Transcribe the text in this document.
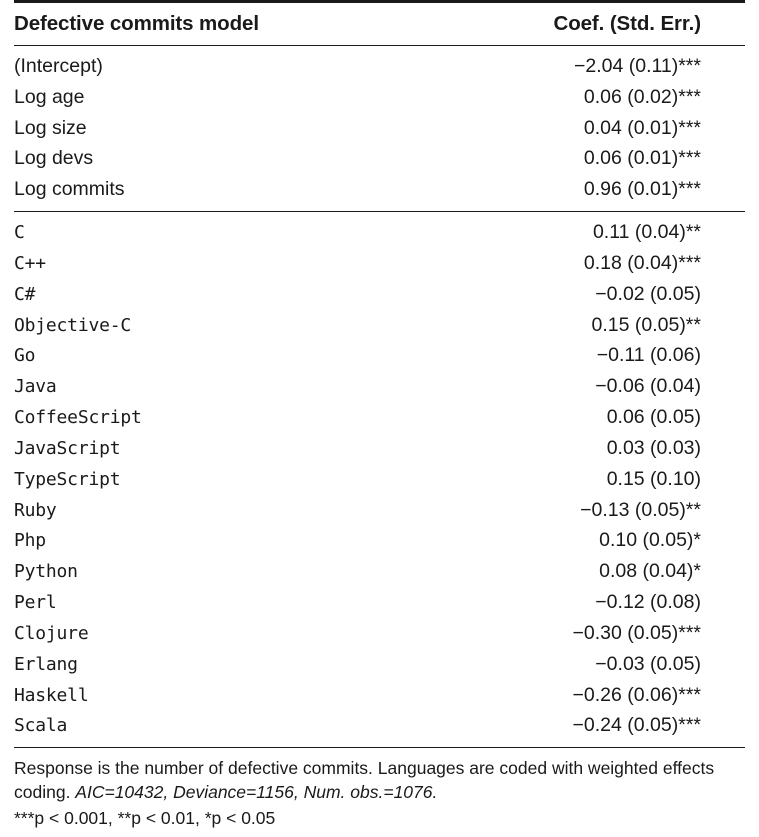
Defective commits model	Coef. (Std. Err.)
(Intercept)	−2.04 (0.11)***
Log age	0.06 (0.02)***
Log size	0.04 (0.01)***
Log devs	0.06 (0.01)***
Log commits	0.96 (0.01)***
C	0.11 (0.04)**
C++	0.18 (0.04)***
C#	−0.02 (0.05)
Objective-C	0.15 (0.05)**
Go	−0.11 (0.06)
Java	−0.06 (0.04)
CoffeeScript	0.06 (0.05)
JavaScript	0.03 (0.03)
TypeScript	0.15 (0.10)
Ruby	−0.13 (0.05)**
Php	0.10 (0.05)*
Python	0.08 (0.04)*
Perl	−0.12 (0.08)
Clojure	−0.30 (0.05)***
Erlang	−0.03 (0.05)
Haskell	−0.26 (0.06)***
Scala	−0.24 (0.05)***
Response is the number of defective commits. Languages are coded with weighted effects coding. AIC=10432, Deviance=1156, Num. obs.=1076.	
***p < 0.001, **p < 0.01, *p < 0.05	
